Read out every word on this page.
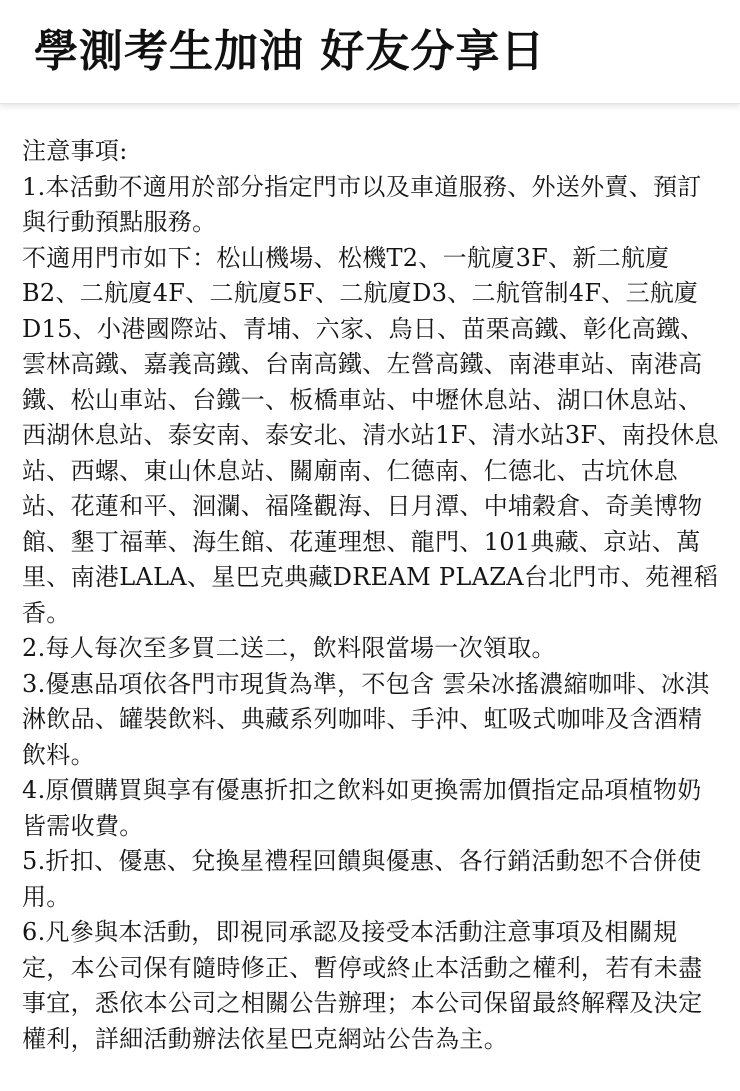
學測考生加油 好友分享日

注意事項:

1.本活動不適用於部分指定門市以及車道服務、外送外賣、預訂與行動預點服務。

不適用門市如下：松山機場、松機T2、一航廈3F、新二航廈B2、二航廈4F、二航廈5F、二航廈D3、二航管制4F、三航廈D15、小港國際站、青埔、六家、烏日、苗栗高鐵、彰化高鐵、雲林高鐵、嘉義高鐵、台南高鐵、左營高鐵、南港車站、南港高鐵、松山車站、台鐵一、板橋車站、中壢休息站、湖口休息站、西湖休息站、泰安南、泰安北、清水站1F、清水站3F、南投休息站、西螺、東山休息站、關廟南、仁德南、仁德北、古坑休息站、花蓮和平、洄瀾、福隆觀海、日月潭、中埔穀倉、奇美博物館、墾丁福華、海生館、花蓮理想、龍門、101典藏、京站、萬里、南港LALA、星巴克典藏DREAM PLAZA台北門市、苑裡稻香。

2.每人每次至多買二送二，飲料限當場一次領取。

3.優惠品項依各門市現貨為準，不包含 雲朵冰搖濃縮咖啡、冰淇淋飲品、罐裝飲料、典藏系列咖啡、手沖、虹吸式咖啡及含酒精飲料。

4.原價購買與享有優惠折扣之飲料如更換需加價指定品項植物奶皆需收費。

5.折扣、優惠、兌換星禮程回饋與優惠、各行銷活動恕不合併使用。

6.凡參與本活動，即視同承認及接受本活動注意事項及相關規定，本公司保有隨時修正、暫停或終止本活動之權利，若有未盡事宜，悉依本公司之相關公告辦理；本公司保留最終解釋及決定權利，詳細活動辦法依星巴克網站公告為主。
